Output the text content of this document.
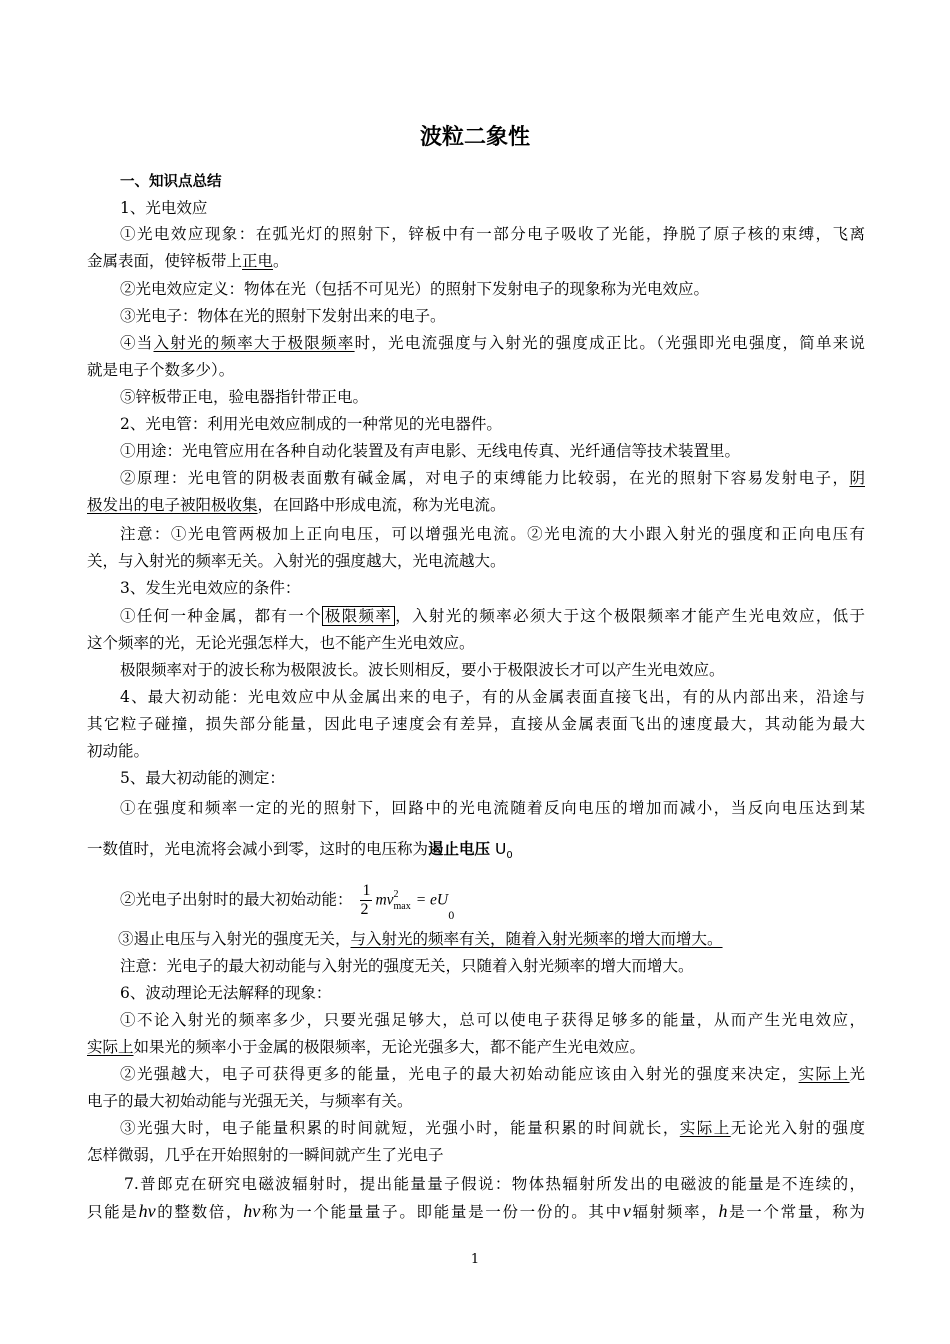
波粒二象性
一、知识点总结
1、光电效应
①光电效应现象：在弧光灯的照射下，锌板中有一部分电子吸收了光能，挣脱了原子核的束缚，飞离
金属表面，使锌板带上正电。
②光电效应定义：物体在光（包括不可见光）的照射下发射电子的现象称为光电效应。
③光电子：物体在光的照射下发射出来的电子。
④当入射光的频率大于极限频率时，光电流强度与入射光的强度成正比。（光强即光电强度，简单来说
就是电子个数多少）。
⑤锌板带正电，验电器指针带正电。
2、光电管：利用光电效应制成的一种常见的光电器件。
①用途：光电管应用在各种自动化装置及有声电影、无线电传真、光纤通信等技术装置里。
②原理：光电管的阴极表面敷有碱金属，对电子的束缚能力比较弱，在光的照射下容易发射电子，阴
极发出的电子被阳极收集，在回路中形成电流，称为光电流。
注意：①光电管两极加上正向电压，可以增强光电流。②光电流的大小跟入射光的强度和正向电压有
关，与入射光的频率无关。入射光的强度越大，光电流越大。
3、发生光电效应的条件：
①任何一种金属，都有一个 极限频率 ，入射光的频率必须大于这个极限频率才能产生光电效应，低于
这个频率的光，无论光强怎样大，也不能产生光电效应。
极限频率对于的波长称为极限波长。波长则相反，要小于极限波长才可以产生光电效应。
4、最大初动能：光电效应中从金属出来的电子，有的从金属表面直接飞出，有的从内部出来，沿途与
其它粒子碰撞，损失部分能量，因此电子速度会有差异，直接从金属表面飞出的速度最大，其动能为最大
初动能。
5、最大初动能的测定：
①在强度和频率一定的光的照射下，回路中的光电流随着反向电压的增加而减小，当反向电压达到某
一数值时，光电流将会减小到零，这时的电压称为遏止电压 $U_0$
②光电子出射时的最大初始动能： $\frac{1}{2}$ mv 2
$\max = eU_0$
③遏止电压与入射光的强度无关，与入射光的频率有关，随着入射光频率的增大而增大。
注意：光电子的最大初动能与入射光的强度无关，只随着入射光频率的增大而增大。
6、波动理论无法解释的现象：
①不论入射光的频率多少，只要光强足够大，总可以使电子获得足够多的能量，从而产生光电效应，
实际上如果光的频率小于金属的极限频率，无论光强多大，都不能产生光电效应。
②光强越大，电子可获得更多的能量，光电子的最大初始动能应该由入射光的强度来决定，实际上光
电子的最大初始动能与光强无关，与频率有关。
③光强大时，电子能量积累的时间就短，光强小时，能量积累的时间就长，实际上无论光入射的强度
怎样微弱，几乎在开始照射的一瞬间就产生了光电子
7.普郎克在研究电磁波辐射时，提出能量量子假说：物体热辐射所发出的电磁波的能量是不连续的，
只能是hν的整数倍，hν称为一个能量量子。即能量是一份一份的。其中ν辐射频率，h是一个常量，称为
1
